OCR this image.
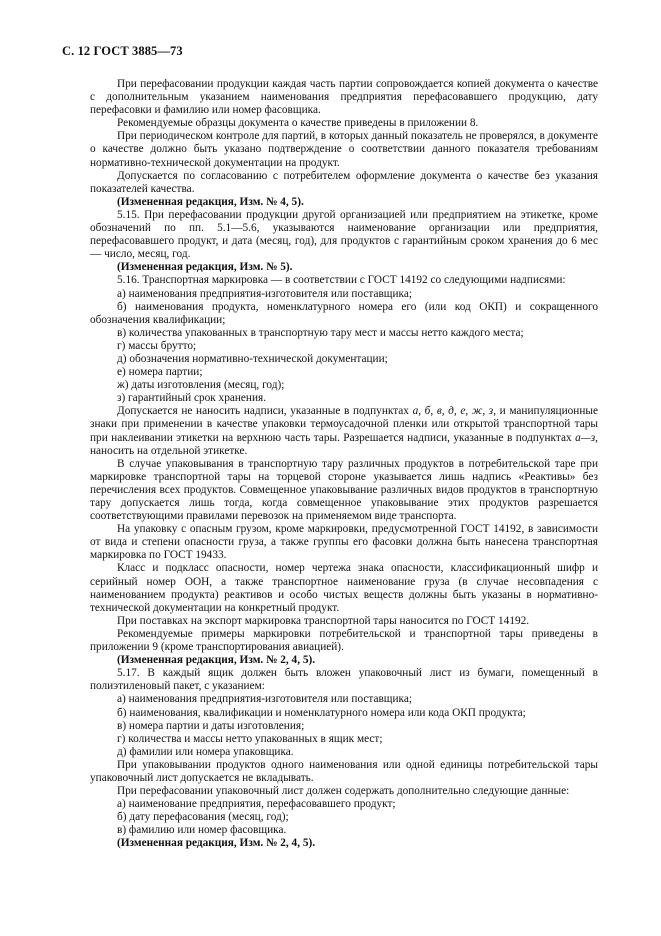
С. 12 ГОСТ 3885—73

При перефасовании продукции каждая часть партии сопровождается копией документа о качестве с дополнительным указанием наименования предприятия перефасовавшего продукцию, дату перефасовки и фамилию или номер фасовщика.

Рекомендуемые образцы документа о качестве приведены в приложении 8.

При периодическом контроле для партий, в которых данный показатель не проверялся, в документе о качестве должно быть указано подтверждение о соответствии данного показателя требованиям нормативно-технической документации на продукт.

Допускается по согласованию с потребителем оформление документа о качестве без указания показателей качества.

(Измененная редакция, Изм. № 4, 5).

5.15. При перефасовании продукции другой организацией или предприятием на этикетке, кроме обозначений по пп. 5.1—5.6, указываются наименование организации или предприятия, перефасовавшего продукт, и дата (месяц, год), для продуктов с гарантийным сроком хранения до 6 мес — число, месяц, год.

(Измененная редакция, Изм. № 5).

5.16. Транспортная маркировка — в соответствии с ГОСТ 14192 со следующими надписями:

а) наименования предприятия-изготовителя или поставщика;

б) наименования продукта, номенклатурного номера его (или код ОКП) и сокращенного обозначения квалификации;

в) количества упакованных в транспортную тару мест и массы нетто каждого места;

г) массы брутто;

д) обозначения нормативно-технической документации;

е) номера партии;

ж) даты изготовления (месяц, год);

з) гарантийный срок хранения.

Допускается не наносить надписи, указанные в подпунктах а, б, в, д, е, ж, з, и манипуляционные знаки при применении в качестве упаковки термоусадочной пленки или открытой транспортной тары при наклеивании этикетки на верхнюю часть тары. Разрешается надписи, указанные в подпунктах а—з, наносить на отдельной этикетке.

В случае упаковывания в транспортную тару различных продуктов в потребительской таре при маркировке транспортной тары на торцевой стороне указывается лишь надпись «Реактивы» без перечисления всех продуктов. Совмещенное упаковывание различных видов продуктов в транспортную тару допускается лишь тогда, когда совмещенное упаковывание этих продуктов разрешается соответствующими правилами перевозок на применяемом виде транспорта.

На упаковку с опасным грузом, кроме маркировки, предусмотренной ГОСТ 14192, в зависимости от вида и степени опасности груза, а также группы его фасовки должна быть нанесена транспортная маркировка по ГОСТ 19433.

Класс и подкласс опасности, номер чертежа знака опасности, классификационный шифр и серийный номер ООН, а также транспортное наименование груза (в случае несовпадения с наименованием продукта) реактивов и особо чистых веществ должны быть указаны в нормативно-технической документации на конкретный продукт.

При поставках на экспорт маркировка транспортной тары наносится по ГОСТ 14192.

Рекомендуемые примеры маркировки потребительской и транспортной тары приведены в приложении 9 (кроме транспортирования авиацией).

(Измененная редакция, Изм. № 2, 4, 5).

5.17. В каждый ящик должен быть вложен упаковочный лист из бумаги, помещенный в полиэтиленовый пакет, с указанием:

а) наименования предприятия-изготовителя или поставщика;

б) наименования, квалификации и номенклатурного номера или кода ОКП продукта;

в) номера партии и даты изготовления;

г) количества и массы нетто упакованных в ящик мест;

д) фамилии или номера упаковщика.

При упаковывании продуктов одного наименования или одной единицы потребительской тары упаковочный лист допускается не вкладывать.

При перефасовании упаковочный лист должен содержать дополнительно следующие данные:

а) наименование предприятия, перефасовавшего продукт;

б) дату перефасования (месяц, год);

в) фамилию или номер фасовщика.

(Измененная редакция, Изм. № 2, 4, 5).
